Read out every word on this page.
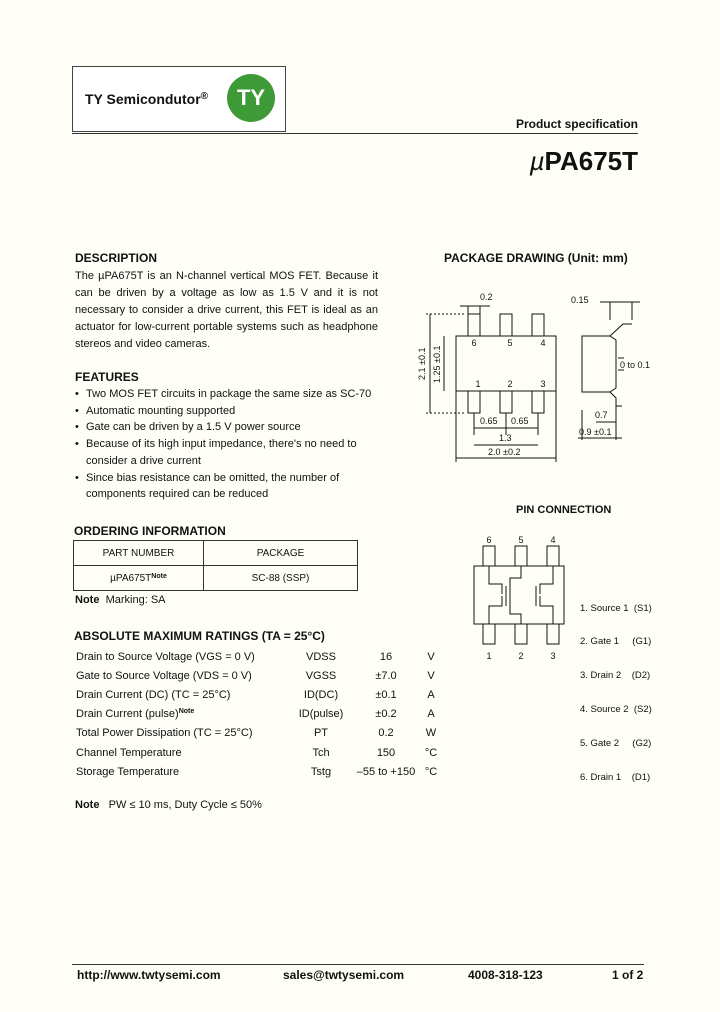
TY Semicondutor®	TY
Product specification
µPA675T
DESCRIPTION
The µPA675T is an N-channel vertical MOS FET. Because it can be driven by a voltage as low as 1.5 V and it is not necessary to consider a drive current, this FET is ideal as an actuator for low-current portable systems such as headphone stereos and video cameras.
FEATURES
• Two MOS FET circuits in package the same size as SC-70
• Automatic mounting supported
• Gate can be driven by a 1.5 V power source
• Because of its high input impedance, there's no need to consider a drive current
• Since bias resistance can be omitted, the number of components required can be reduced
ORDERING INFORMATION
PART NUMBER	PACKAGE
$\mu PA675T^{Note}$	SC-88 (SSP)
Note Marking: SA
ABSOLUTE MAXIMUM RATINGS (TA = 25°C)
Drain to Source Voltage (VGS = 0 V)	VDSS	16	V
Gate to Source Voltage (VDS = 0 V)	VGSS	±7.0	V
Drain Current (DC) (TC = 25°C)	ID(DC)	±0.1	A
Drain Current (pulse)$^{Note}$	ID(pulse)	±0.2	A
Total Power Dissipation (TC = 25°C)	PT	0.2	W
Channel Temperature	Tch	150	°C
Storage Temperature	Tstg	–55 to +150	°C
Note PW ≤ 10 ms, Duty Cycle ≤ 50%
PACKAGE DRAWING (Unit: mm)
6	5	4
1	2	3
0.2	0.15
2.1 ±0.1 1.25 ±0.1	0 to 0.1
0.65 0.65
1.3
2.0 ±0.2
0.7
0.9 ±0.1
PIN CONNECTION
6	5	4
1	2	3

1. Source 1  (S1)

2. Gate 1     (G1)

3. Drain 2    (D2)

4. Source 2  (S2)

5. Gate 2     (G2)

6. Drain 1    (D1)

http://www.twtysemi.com	sales@twtysemi.com	4008-318-123	1 of 2
